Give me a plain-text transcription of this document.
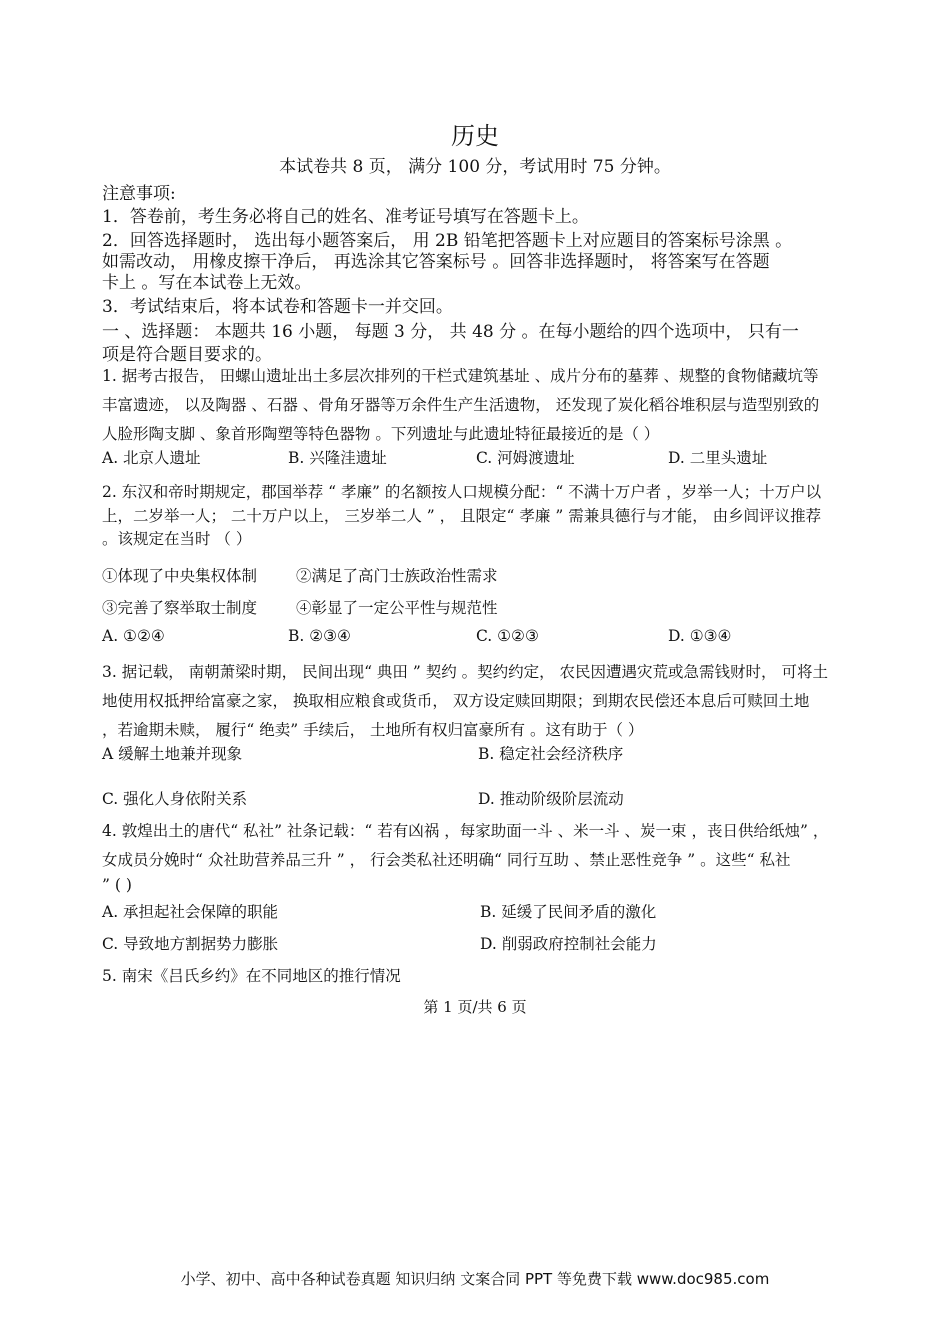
历史
本试卷共 8 页， 满分 100 分，考试用时 75 分钟。
注意事项:
1．答卷前，考生务必将自己的姓名、准考证号填写在答题卡上。
2．回答选择题时， 选出每小题答案后， 用 2B 铅笔把答题卡上对应题目的答案标号涂黑 。
如需改动， 用橡皮擦干净后， 再选涂其它答案标号 。回答非选择题时， 将答案写在答题
卡上 。写在本试卷上无效。
3．考试结束后，将本试卷和答题卡一并交回。
一 、选择题： 本题共 16 小题， 每题 3 分， 共 48 分 。在每小题给的四个选项中， 只有一
项是符合题目要求的。
1. 据考古报告， 田螺山遗址出土多层次排列的干栏式建筑基址 、成片分布的墓葬 、规整的食物储藏坑等
丰富遗迹， 以及陶器 、石器 、骨角牙器等万余件生产生活遗物， 还发现了炭化稻谷堆积层与造型别致的
人脸形陶支脚 、象首形陶塑等特色器物 。下列遗址与此遗址特征最接近的是（ ）
A. 北京人遗址	B. 兴隆洼遗址	C. 河姆渡遗址	D. 二里头遗址
2. 东汉和帝时期规定，郡国举荐 “ 孝廉” 的名额按人口规模分配：“ 不满十万户者 ，岁举一人；十万户以
上，二岁举一人； 二十万户以上， 三岁举二人 ” ， 且限定“ 孝廉 ” 需兼具德行与才能， 由乡闾评议推荐
。该规定在当时 （ ）
①体现了中央集权体制	②满足了高门士族政治性需求
③完善了察举取士制度	④彰显了一定公平性与规范性
A. ①②④	B. ②③④	C. ①②③	D. ①③④
3. 据记载， 南朝萧梁时期， 民间出现“ 典田 ” 契约 。契约约定， 农民因遭遇灾荒或急需钱财时， 可将土
地使用权抵押给富豪之家， 换取相应粮食或货币， 双方设定赎回期限；到期农民偿还本息后可赎回土地
，若逾期未赎， 履行“ 绝卖” 手续后， 土地所有权归富豪所有 。这有助于（ ）
A 缓解土地兼并现象	B. 稳定社会经济秩序
C. 强化人身依附关系	D. 推动阶级阶层流动
4. 敦煌出土的唐代“ 私社” 社条记载：“ 若有凶祸 ，每家助面一斗 、米一斗 、炭一束 ，丧日供给纸烛” ，
女成员分娩时“ 众社助营养品三升 ” ， 行会类私社还明确“ 同行互助 、禁止恶性竞争 ” 。这些“ 私社
” ( )
A. 承担起社会保障的职能	B. 延缓了民间矛盾的激化
C. 导致地方割据势力膨胀	D. 削弱政府控制社会能力
5. 南宋《吕氏乡约》在不同地区的推行情况
第 1 页/共 6 页
小学、初中、高中各种试卷真题 知识归纳 文案合同 PPT 等免费下载 www.doc985.com
